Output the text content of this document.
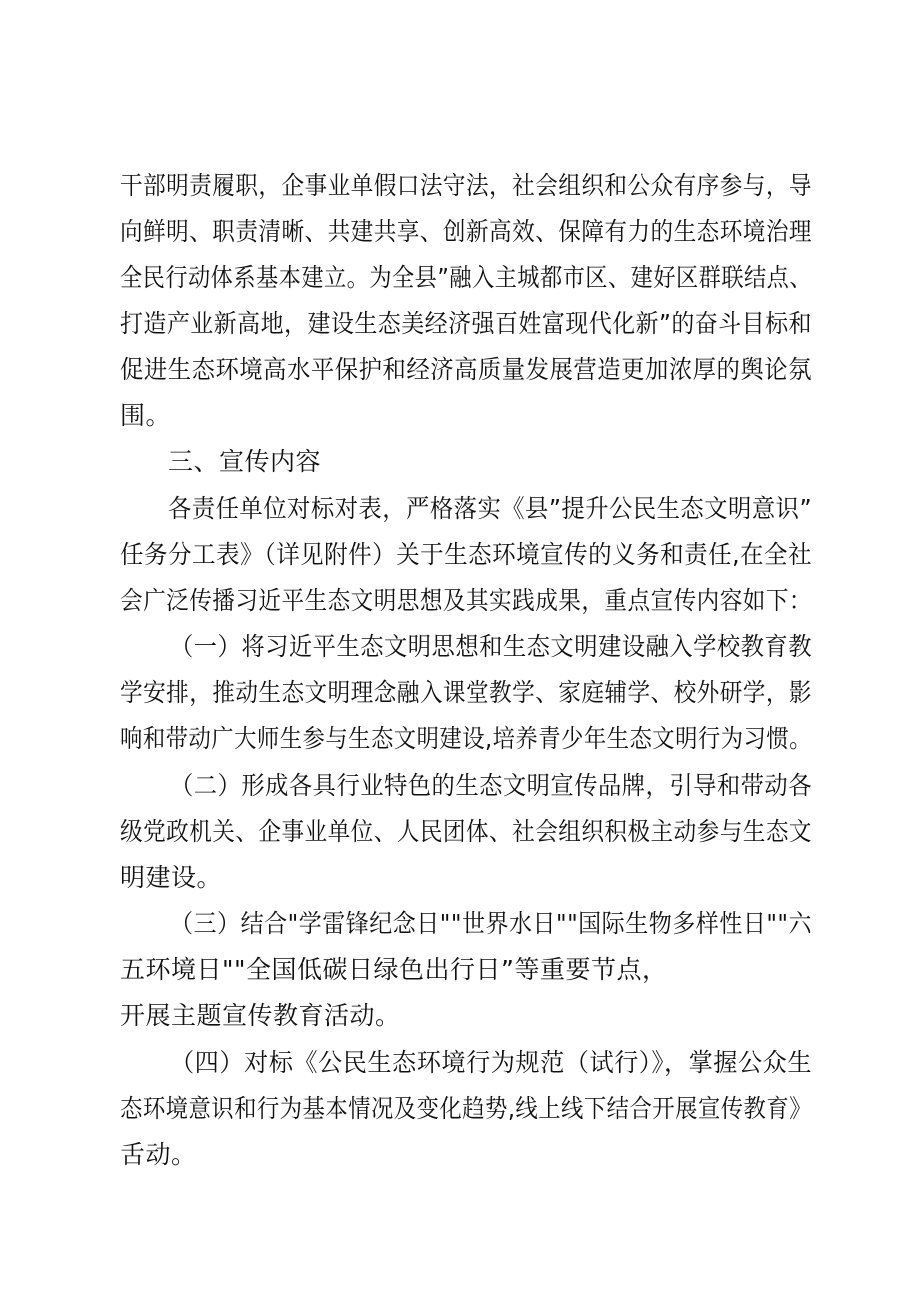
干部明责履职，企事业单假口法守法，社会组织和公众有序参与，导
向鲜明、职责清晰、共建共享、创新高效、保障有力的生态环境治理
全民行动体系基本建立。为全县”融入主城都市区、建好区群联结点、
打造产业新高地，建设生态美经济强百姓富现代化新”的奋斗目标和
促进生态环境高水平保护和经济高质量发展营造更加浓厚的舆论氛
围。
三、宣传内容
各责任单位对标对表，严格落实《县”提升公民生态文明意识”
任务分工表》（详见附件）关于生态环境宣传的义务和责任,在全社
会广泛传播习近平生态文明思想及其实践成果，重点宣传内容如下：
（一）将习近平生态文明思想和生态文明建设融入学校教育教
学安排，推动生态文明理念融入课堂教学、家庭辅学、校外研学，影
响和带动广大师生参与生态文明建设,培养青少年生态文明行为习惯。
（二）形成各具行业特色的生态文明宣传品牌，引导和带动各
级党政机关、企事业单位、人民团体、社会组织积极主动参与生态文
明建设。
（三）结合"学雷锋纪念日""世界水日""国际生物多样性日""六
五环境日""全国低碳日绿色出行日”等重要节点，
开展主题宣传教育活动。
（四）对标《公民生态环境行为规范（试行）》，掌握公众生
态环境意识和行为基本情况及变化趋势,线上线下结合开展宣传教育》
舌动。
